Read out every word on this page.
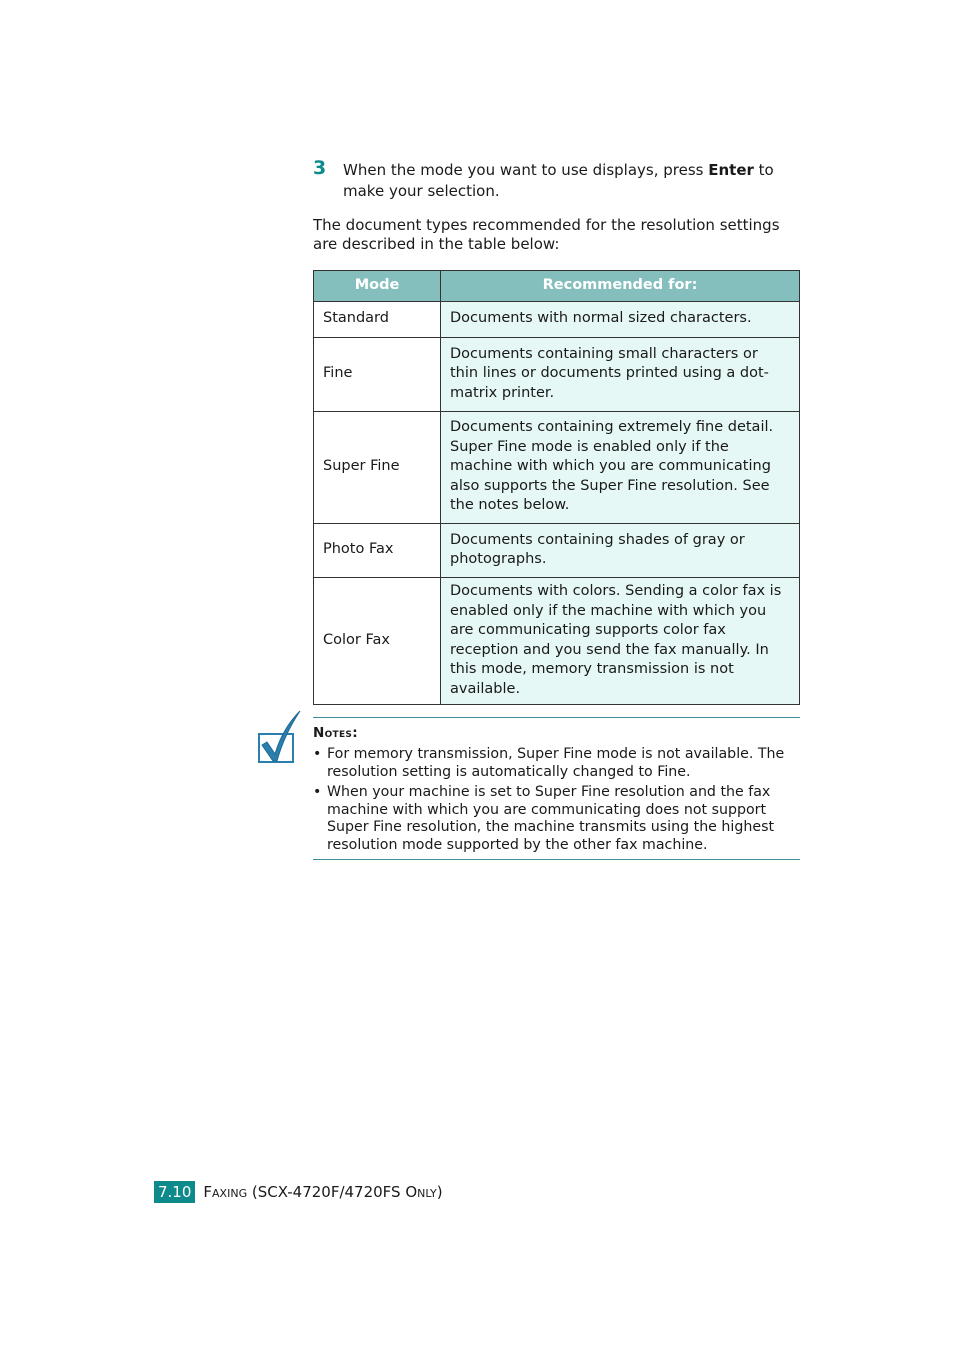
3 When the mode you want to use displays, press Enter to make your selection.
The document types recommended for the resolution settings are described in the table below:
Mode	Recommended for:
Standard	Documents with normal sized characters.
Fine	Documents containing small characters or thin lines or documents printed using a dot-matrix printer.
Super Fine	Documents containing extremely fine detail. Super Fine mode is enabled only if the machine with which you are communicating also supports the Super Fine resolution. See the notes below.
Photo Fax	Documents containing shades of gray or photographs.
Color Fax	Documents with colors. Sending a color fax is enabled only if the machine with which you are communicating supports color fax reception and you send the fax manually. In this mode, memory transmission is not available.
Notes:
• For memory transmission, Super Fine mode is not available. The resolution setting is automatically changed to Fine.
• When your machine is set to Super Fine resolution and the fax machine with which you are communicating does not support Super Fine resolution, the machine transmits using the highest resolution mode supported by the other fax machine.
7.10 Faxing (SCX-4720F/4720FS Only)
